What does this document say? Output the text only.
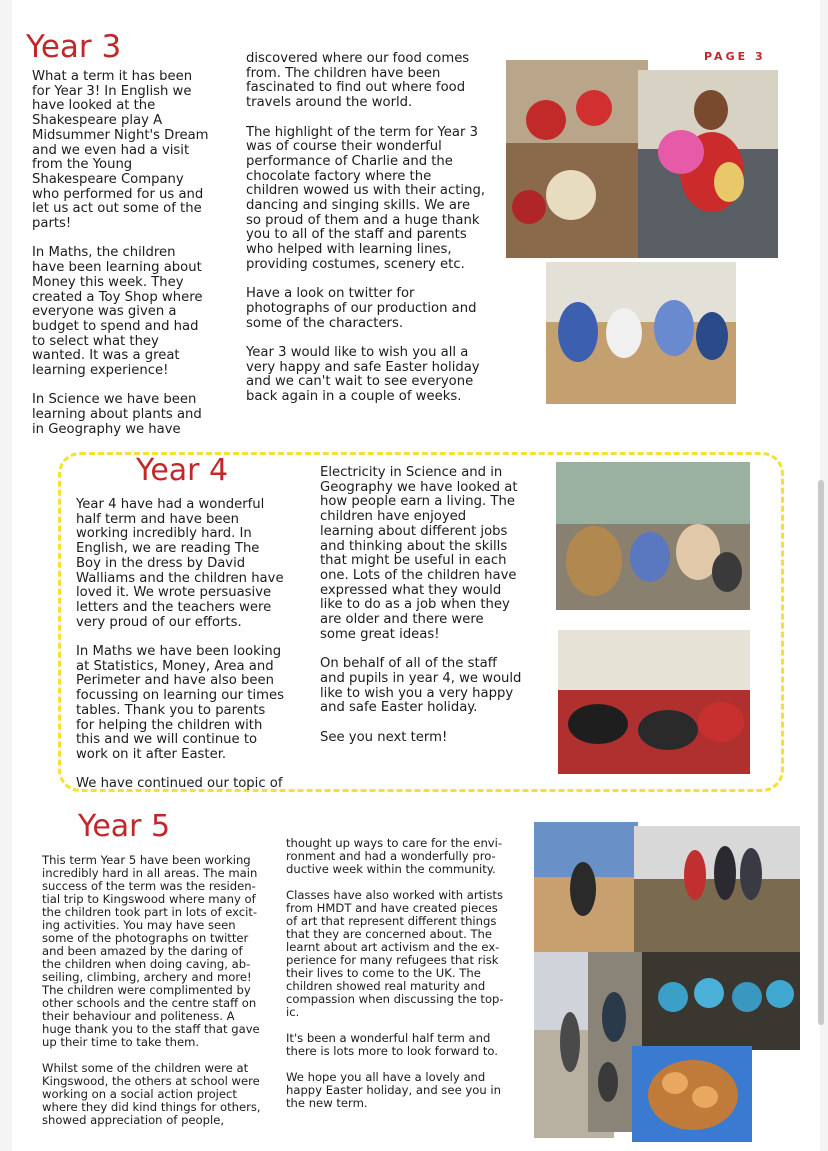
PAGE 3
Year 3

What a term it has been
for Year 3! In English we
have looked at the
Shakespeare play A
Midsummer Night's Dream
and we even had a visit
from the Young
Shakespeare Company
who performed for us and
let us act out some of the
parts!

In Maths, the children
have been learning about
Money this week. They
created a Toy Shop where
everyone was given a
budget to spend and had
to select what they
wanted. It was a great
learning experience!

In Science we have been
learning about plants and
in Geography we have

discovered where our food comes
from. The children have been
fascinated to find out where food
travels around the world.

The highlight of the term for Year 3
was of course their wonderful
performance of Charlie and the
chocolate factory where the
children wowed us with their acting,
dancing and singing skills. We are
so proud of them and a huge thank
you to all of the staff and parents
who helped with learning lines,
providing costumes, scenery etc.

Have a look on twitter for
photographs of our production and
some of the characters.

Year 3 would like to wish you all a
very happy and safe Easter holiday
and we can't wait to see everyone
back again in a couple of weeks.

Year 4

Year 4 have had a wonderful
half term and have been
working incredibly hard. In
English, we are reading The
Boy in the dress by David
Walliams and the children have
loved it. We wrote persuasive
letters and the teachers were
very proud of our efforts.

In Maths we have been looking
at Statistics, Money, Area and
Perimeter and have also been
focussing on learning our times
tables. Thank you to parents
for helping the children with
this and we will continue to
work on it after Easter.

We have continued our topic of

Electricity in Science and in
Geography we have looked at
how people earn a living. The
children have enjoyed
learning about different jobs
and thinking about the skills
that might be useful in each
one. Lots of the children have
expressed what they would
like to do as a job when they
are older and there were
some great ideas!

On behalf of all of the staff
and pupils in year 4, we would
like to wish you a very happy
and safe Easter holiday.

See you next term!

Year 5

This term Year 5 have been working
incredibly hard in all areas. The main
success of the term was the residen-
tial trip to Kingswood where many of
the children took part in lots of excit-
ing activities. You may have seen
some of the photographs on twitter
and been amazed by the daring of
the children when doing caving, ab-
seiling, climbing, archery and more!
The children were complimented by
other schools and the centre staff on
their behaviour and politeness. A
huge thank you to the staff that gave
up their time to take them.

Whilst some of the children were at
Kingswood, the others at school were
working on a social action project
where they did kind things for others,
showed appreciation of people,

thought up ways to care for the envi-
ronment and had a wonderfully pro-
ductive week within the community.

Classes have also worked with artists
from HMDT and have created pieces
of art that represent different things
that they are concerned about. The
learnt about art activism and the ex-
perience for many refugees that risk
their lives to come to the UK. The
children showed real maturity and
compassion when discussing the top-
ic.

It's been a wonderful half term and
there is lots more to look forward to.

We hope you all have a lovely and
happy Easter holiday, and see you in
the new term.
